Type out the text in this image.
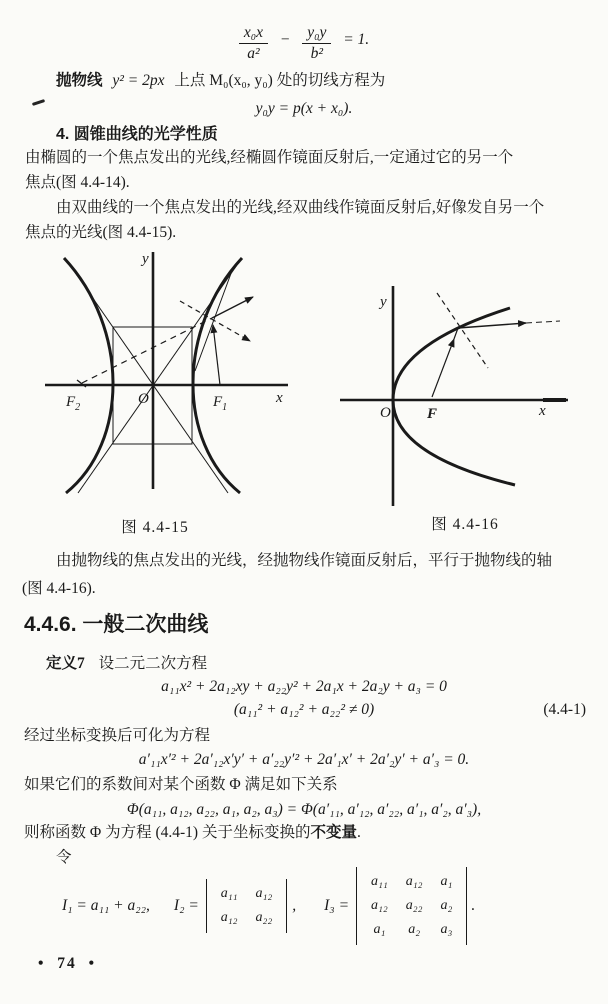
$\frac{\text{x₀x}}{\text{a²}} - \frac{\text{y₀y}}{\text{b²}} = 1$.
抛物线 y² = 2px 上点 M₀(x₀, y₀) 处的切线方程为
y₀y = p(x + x₀).
4. 圆锥曲线的光学性质
由椭圆的一个焦点发出的光线,经椭圆作镜面反射后,一定通过它的另一个
焦点(图 4.4-14).
由双曲线的一个焦点发出的光线,经双曲线作镜面反射后,好像发自另一个
焦点的光线(图 4.4-15).
y
x
O
$F_2$	$F_1$
y
x
O F
图 4.4-15	图 4.4-16
由抛物线的焦点发出的光线，经抛物线作镜面反射后，平行于抛物线的轴
(图 4.4-16).
4.4.6. 一般二次曲线
定义7 设二元二次方程
a₁₁x² + 2a₁₂xy + a₂₂y² + 2a₁x + 2a₂y + a₃ = 0
(a₁₁² + a₁₂² + a₂₂² ≠ 0)	(4.4-1)
经过坐标变换后可化为方程
a′₁₁x′² + 2a′₁₂x′y′ + a′₂₂y′² + 2a′₁x′ + 2a′₂y′ + a′₃ = 0.
如果它们的系数间对某个函数 Φ 满足如下关系
Φ(a₁₁, a₁₂, a₂₂, a₁, a₂, a₃) = Φ(a′₁₁, a′₁₂, a′₂₂, a′₁, a′₂, a′₃),
则称函数 Φ 为方程 (4.4-1) 关于坐标变换的不变量.
令
I₁ = a₁₁ + a₂₂, I₂ =
a₁₁	a₁₂
a₁₂	a₂₂
, I₃ =
a₁₁	a₁₂	a₁
a₁₂	a₂₂	a₂
a₁	a₂	a₃
.
• 74 •
